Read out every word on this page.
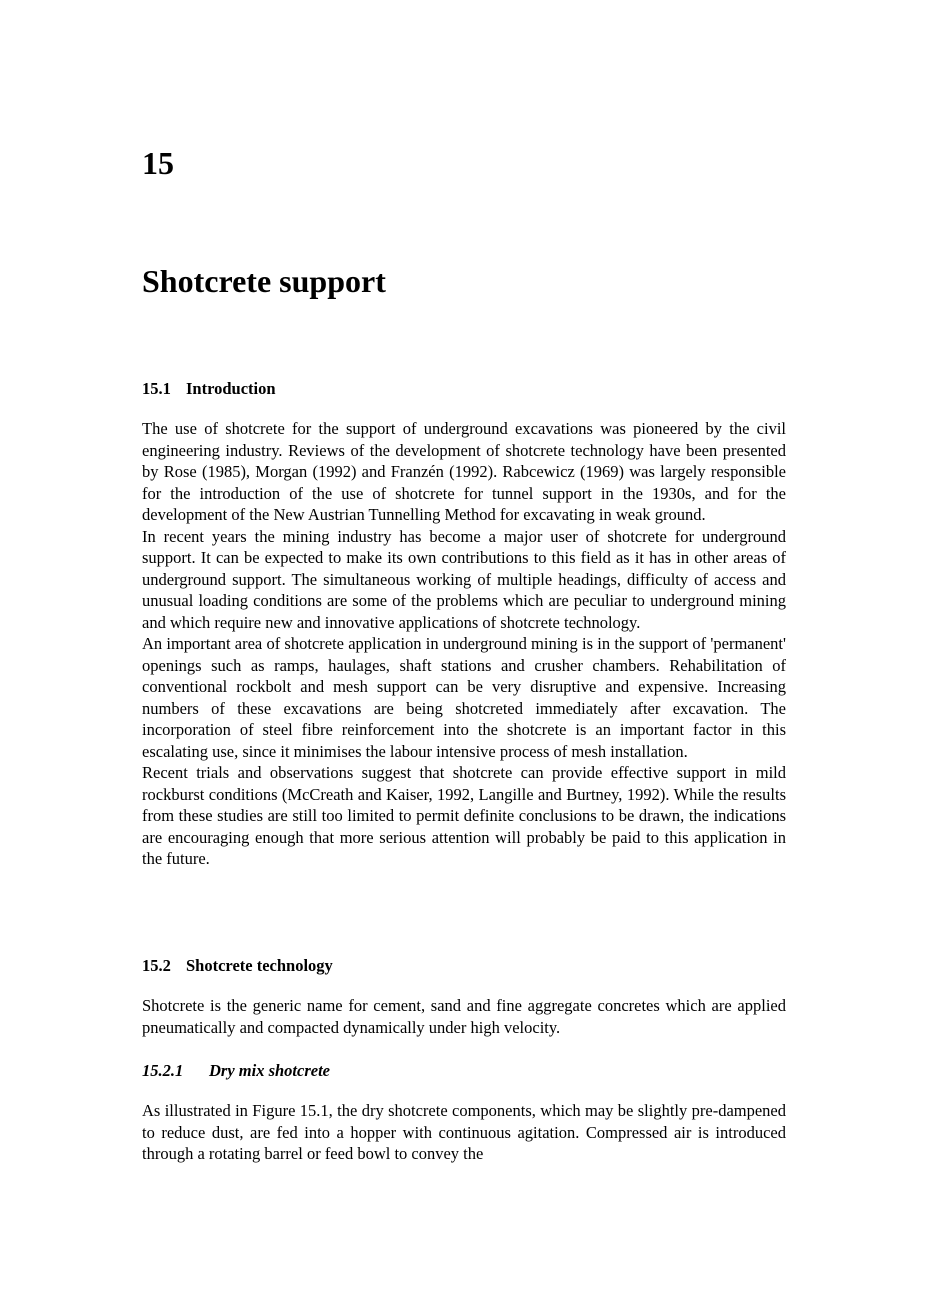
15
Shotcrete support
15.1 Introduction

The use of shotcrete for the support of underground excavations was pioneered by the civil engineering industry. Reviews of the development of shotcrete technology have been presented by Rose (1985), Morgan (1992) and Franzén (1992). Rabcewicz (1969) was largely responsible for the introduction of the use of shotcrete for tunnel support in the 1930s, and for the development of the New Austrian Tunnelling Method for excavating in weak ground.

In recent years the mining industry has become a major user of shotcrete for underground support. It can be expected to make its own contributions to this field as it has in other areas of underground support. The simultaneous working of multiple headings, difficulty of access and unusual loading conditions are some of the problems which are peculiar to underground mining and which require new and innovative applications of shotcrete technology.

An important area of shotcrete application in underground mining is in the support of 'permanent' openings such as ramps, haulages, shaft stations and crusher chambers. Rehabilitation of conventional rockbolt and mesh support can be very disruptive and expensive. Increasing numbers of these excavations are being shotcreted immediately after excavation. The incorporation of steel fibre reinforcement into the shotcrete is an important factor in this escalating use, since it minimises the labour intensive process of mesh installation.

Recent trials and observations suggest that shotcrete can provide effective support in mild rockburst conditions (McCreath and Kaiser, 1992, Langille and Burtney, 1992). While the results from these studies are still too limited to permit definite conclusions to be drawn, the indications are encouraging enough that more serious attention will probably be paid to this application in the future.

15.2 Shotcrete technology

Shotcrete is the generic name for cement, sand and fine aggregate concretes which are applied pneumatically and compacted dynamically under high velocity.

15.2.1 Dry mix shotcrete

As illustrated in Figure 15.1, the dry shotcrete components, which may be slightly pre-dampened to reduce dust, are fed into a hopper with continuous agitation. Compressed air is introduced through a rotating barrel or feed bowl to convey the
